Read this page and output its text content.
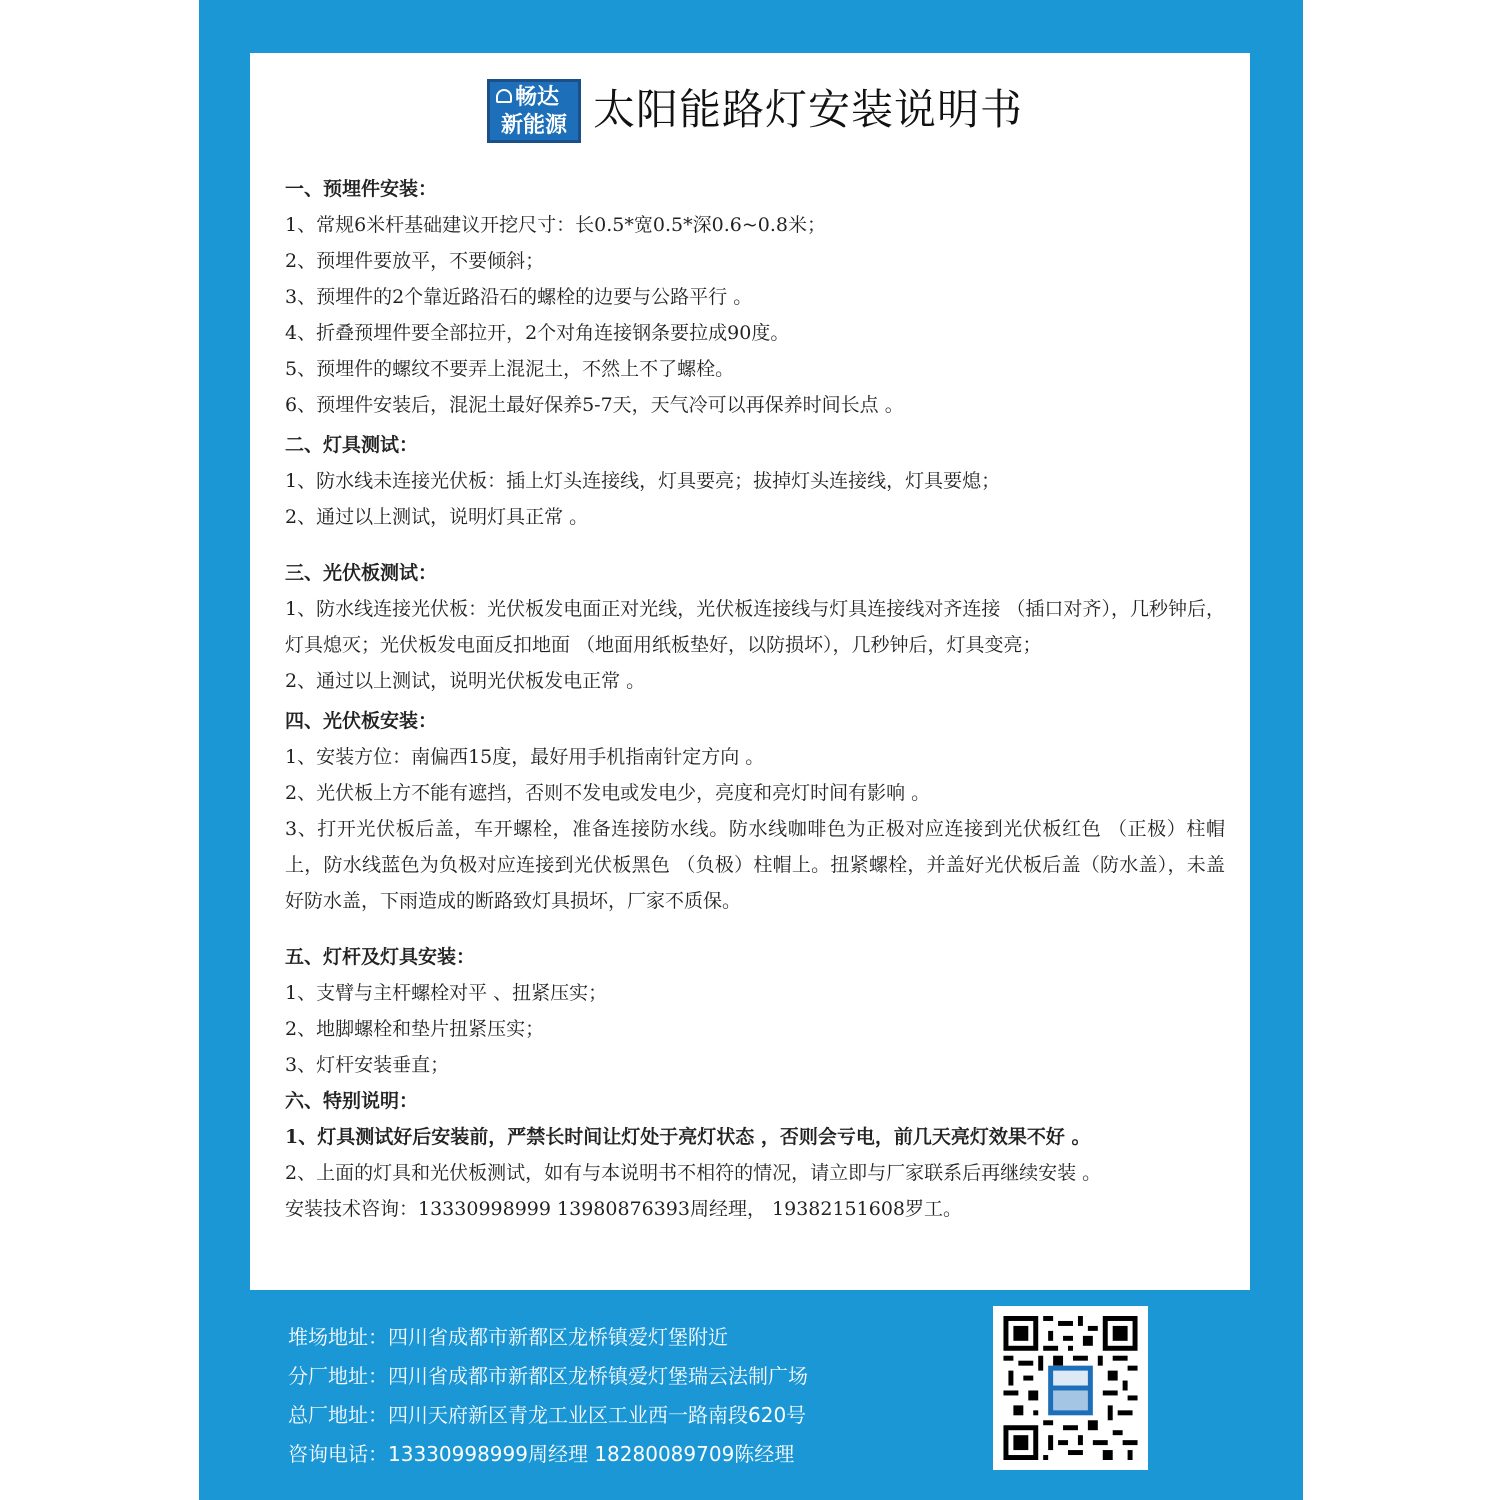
畅达
新能源 太阳能路灯安装说明书

一、预埋件安装：

1、常规6米杆基础建议开挖尺寸：长0.5*宽0.5*深0.6~0.8米；

2、预埋件要放平，不要倾斜；

3、预埋件的2个靠近路沿石的螺栓的边要与公路平行 。

4、折叠预埋件要全部拉开，2个对角连接钢条要拉成90度。

5、预埋件的螺纹不要弄上混泥土，不然上不了螺栓。

6、预埋件安装后，混泥土最好保养5-7天，天气冷可以再保养时间长点 。

二、灯具测试：

1、防水线未连接光伏板：插上灯头连接线，灯具要亮；拔掉灯头连接线，灯具要熄；

2、通过以上测试，说明灯具正常 。

三、光伏板测试：

1、防水线连接光伏板：光伏板发电面正对光线，光伏板连接线与灯具连接线对齐连接 （插口对齐），几秒钟后，灯具熄灭；光伏板发电面反扣地面 （地面用纸板垫好，以防损坏），几秒钟后，灯具变亮；

2、通过以上测试，说明光伏板发电正常 。

四、光伏板安装：

1、安装方位：南偏西15度，最好用手机指南针定方向 。

2、光伏板上方不能有遮挡，否则不发电或发电少，亮度和亮灯时间有影响 。

3、打开光伏板后盖，车开螺栓，准备连接防水线。防水线咖啡色为正极对应连接到光伏板红色 （正极）柱帽上，防水线蓝色为负极对应连接到光伏板黑色 （负极）柱帽上。扭紧螺栓，并盖好光伏板后盖（防水盖），未盖好防水盖，下雨造成的断路致灯具损坏，厂家不质保。

五、灯杆及灯具安装：

1、支臂与主杆螺栓对平 、扭紧压实；

2、地脚螺栓和垫片扭紧压实；

3、灯杆安装垂直；

六、特别说明：

1、灯具测试好后安装前，严禁长时间让灯处于亮灯状态 ，否则会亏电，前几天亮灯效果不好 。

2、上面的灯具和光伏板测试，如有与本说明书不相符的情况，请立即与厂家联系后再继续安装 。

安装技术咨询：13330998999 13980876393周经理， 19382151608罗工。

堆场地址：四川省成都市新都区龙桥镇爱灯堡附近

分厂地址：四川省成都市新都区龙桥镇爱灯堡瑞云法制广场

总厂地址：四川天府新区青龙工业区工业西一路南段620号

咨询电话：13330998999周经理 18280089709陈经理
